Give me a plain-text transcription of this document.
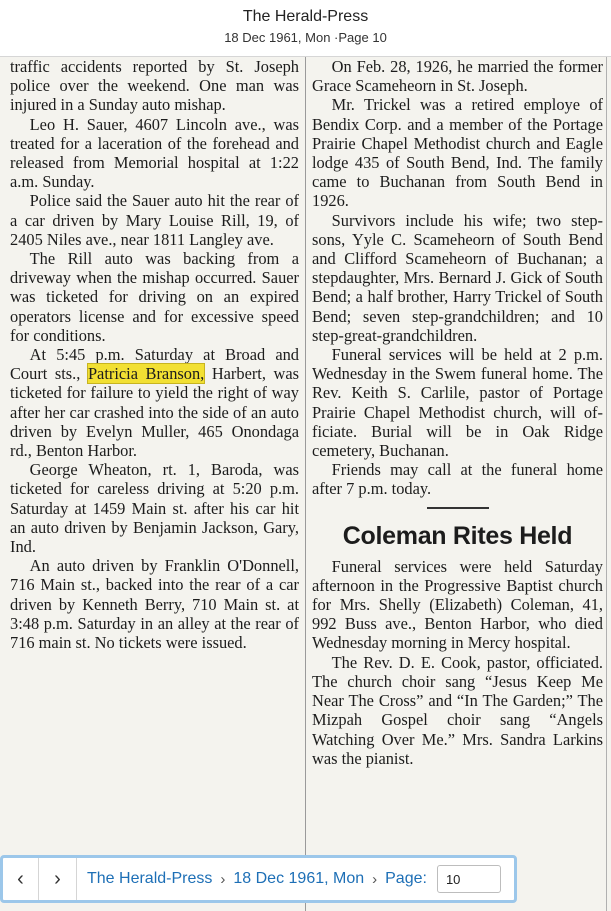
The Herald-Press
18 Dec 1961, Mon ·Page 10

traffic accidents reported by St. Joseph police over the weekend. One man was injured in a Sunday auto mishap.

Leo H. Sauer, 4607 Lincoln ave., was treated for a laceration of the forehead and released from Memorial hospital at 1:22 a.m. Sunday.

Police said the Sauer auto hit the rear of a car driven by Mary Louise Rill, 19, of 2405 Niles ave., near 1811 Langley ave.

The Rill auto was backing from a driveway when the mishap occurred. Sauer was ticketed for driving on an expired operators license and for excessive speed for conditions.

At 5:45 p.m. Saturday at Broad and Court sts., Patricia Branson, Harbert, was ticketed for failure to yield the right of way after her car crashed into the side of an auto driven by Evelyn Muller, 465 Onondaga rd., Benton Harbor.

George Wheaton, rt. 1, Baroda, was ticketed for careless driving at 5:20 p.m. Saturday at 1459 Main st. after his car hit an auto driven by Benjamin Jackson, Gary, Ind.

An auto driven by Franklin O'Donnell, 716 Main st., backed into the rear of a car driven by Kenneth Berry, 710 Main st. at 3:48 p.m. Saturday in an alley at the rear of 716 main st. No tickets were issued.

On Feb. 28, 1926, he married the former Grace Scameheorn in St. Joseph.

Mr. Trickel was a retired employe of Bendix Corp. and a member of the Portage Prairie Chapel Methodist church and Eagle lodge 435 of South Bend, Ind. The family came to Buchanan from South Bend in 1926.

Survivors include his wife; two step-sons, Yyle C. Scameheorn of South Bend and Clifford Scameheorn of Buchanan; a stepdaughter, Mrs. Bernard J. Gick of South Bend; a half brother, Harry Trickel of South Bend; seven step-grandchildren; and 10 step-great-grandchildren.

Funeral services will be held at 2 p.m. Wednesday in the Swem funeral home. The Rev. Keith S. Carlile, pastor of Portage Prairie Chapel Methodist church, will officiate. Burial will be in Oak Ridge cemetery, Buchanan.

Friends may call at the funeral home after 7 p.m. today.

Coleman Rites Held

Funeral services were held Saturday afternoon in the Progressive Baptist church for Mrs. Shelly (Elizabeth) Coleman, 41, 992 Buss ave., Benton Harbor, who died Wednesday morning in Mercy hospital.

The Rev. D. E. Cook, pastor, officiated. The church choir sang “Jesus Keep Me Near The Cross” and “In The Garden;” The Mizpah Gospel choir sang “Angels Watching Over Me.” Mrs. Sandra Larkins was the pianist.

‹ › The Herald-Press › 18 Dec 1961, Mon › Page:
10
